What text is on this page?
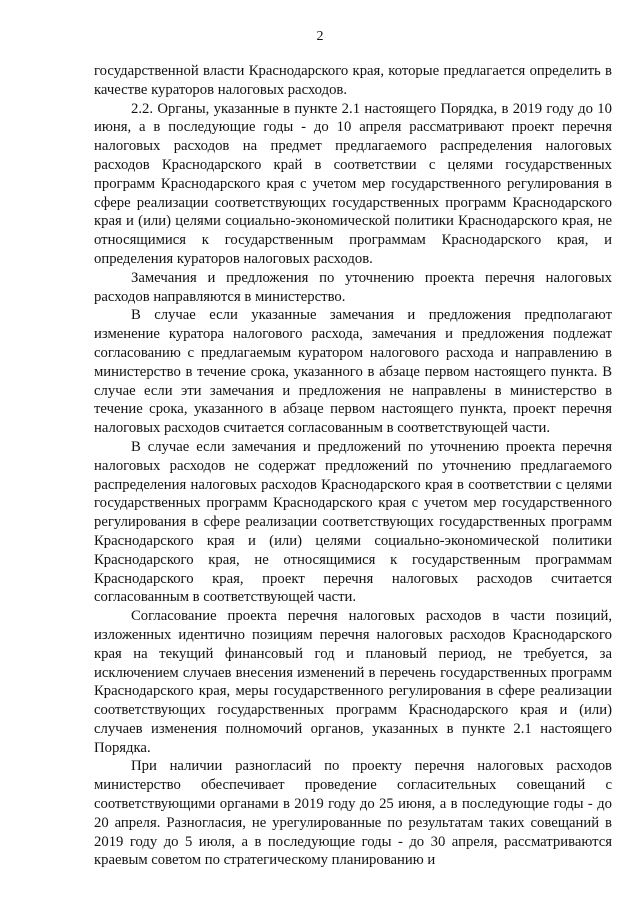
2

государственной власти Краснодарского края, которые предлагается определить в качестве кураторов налоговых расходов.

2.2. Органы, указанные в пункте 2.1 настоящего Порядка, в 2019 году до 10 июня, а в последующие годы - до 10 апреля рассматривают проект перечня налоговых расходов на предмет предлагаемого распределения налоговых расходов Краснодарского край в соответствии с целями государственных программ Краснодарского края с учетом мер государственного регулирования в сфере реализации соответствующих государственных программ Краснодарского края и (или) целями социально-экономической политики Краснодарского края, не относящимися к государственным программам Краснодарского края, и определения кураторов налоговых расходов.

Замечания и предложения по уточнению проекта перечня налоговых расходов направляются в министерство.

В случае если указанные замечания и предложения предполагают изменение куратора налогового расхода, замечания и предложения подлежат согласованию с предлагаемым куратором налогового расхода и направлению в министерство в течение срока, указанного в абзаце первом настоящего пункта. В случае если эти замечания и предложения не направлены в министерство в течение срока, указанного в абзаце первом настоящего пункта, проект перечня налоговых расходов считается согласованным в соответствующей части.

В случае если замечания и предложений по уточнению проекта перечня налоговых расходов не содержат предложений по уточнению предлагаемого распределения налоговых расходов Краснодарского края в соответствии с целями государственных программ Краснодарского края с учетом мер государственного регулирования в сфере реализации соответствующих государственных программ Краснодарского края и (или) целями социально-экономической политики Краснодарского края, не относящимися к государственным программам Краснодарского края, проект перечня налоговых расходов считается согласованным в соответствующей части.

Согласование проекта перечня налоговых расходов в части позиций, изложенных идентично позициям перечня налоговых расходов Краснодарского края на текущий финансовый год и плановый период, не требуется, за исключением случаев внесения изменений в перечень государственных программ Краснодарского края, меры государственного регулирования в сфере реализации соответствующих государственных программ Краснодарского края и (или) случаев изменения полномочий органов, указанных в пункте 2.1 настоящего Порядка.

При наличии разногласий по проекту перечня налоговых расходов министерство обеспечивает проведение согласительных совещаний с соответствующими органами в 2019 году до 25 июня, а в последующие годы - до 20 апреля. Разногласия, не урегулированные по результатам таких совещаний в 2019 году до 5 июля, а в последующие годы - до 30 апреля, рассматриваются краевым советом по стратегическому планированию и
